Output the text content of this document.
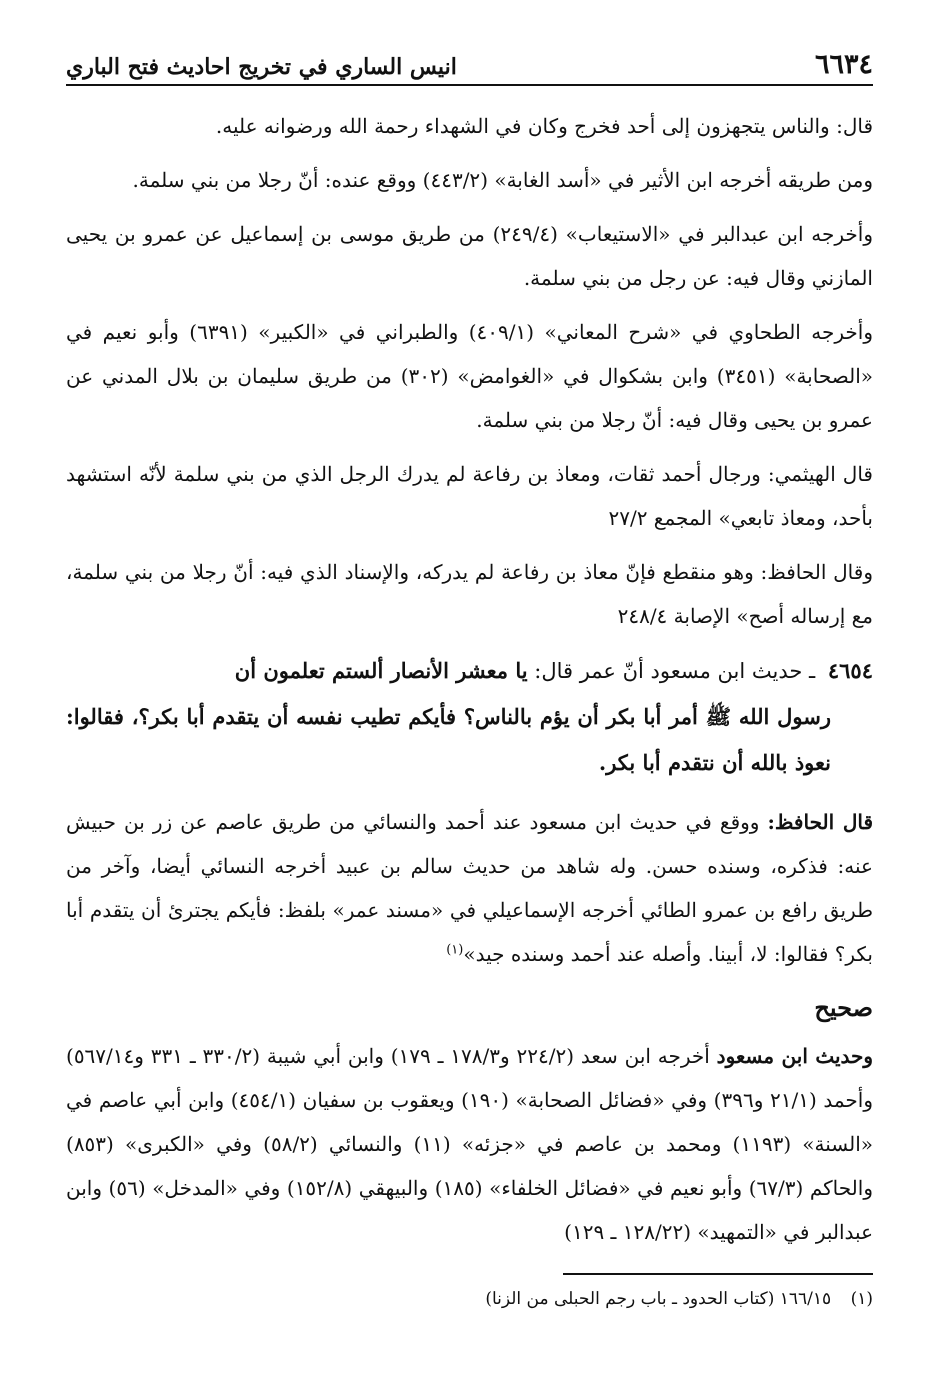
٦٦٣٤
انيس الساري في تخريج احاديث فتح الباري

قال: والناس يتجهزون إلى أحد فخرج وكان في الشهداء رحمة الله ورضوانه عليه.

ومن طريقه أخرجه ابن الأثير في «أسد الغابة» (٤٤٣/٢) ووقع عنده: أنّ رجلا من بني سلمة.

وأخرجه ابن عبدالبر في «الاستيعاب» (٢٤٩/٤) من طريق موسى بن إسماعيل عن عمرو بن يحيى المازني وقال فيه: عن رجل من بني سلمة.

وأخرجه الطحاوي في «شرح المعاني» (٤٠٩/١) والطبراني في «الكبير» (٦٣٩١) وأبو نعيم في «الصحابة» (٣٤٥١) وابن بشكوال في «الغوامض» (٣٠٢) من طريق سليمان بن بلال المدني عن عمرو بن يحيى وقال فيه: أنّ رجلا من بني سلمة.

قال الهيثمي: ورجال أحمد ثقات، ومعاذ بن رفاعة لم يدرك الرجل الذي من بني سلمة لأنّه استشهد بأحد، ومعاذ تابعي» المجمع ٢٧/٢

وقال الحافظ: وهو منقطع فإنّ معاذ بن رفاعة لم يدركه، والإسناد الذي فيه: أنّ رجلا من بني سلمة، مع إرساله أصح» الإصابة ٢٤٨/٤

٤٦٥٤ ـ حديث ابن مسعود أنّ عمر قال: يا معشر الأنصار ألستم تعلمون أن
رسول الله ﷺ أمر أبا بكر أن يؤم بالناس؟ فأيكم تطيب نفسه أن يتقدم أبا بكر؟، فقالوا: نعوذ بالله أن نتقدم أبا بكر.

قال الحافظ: ووقع في حديث ابن مسعود عند أحمد والنسائي من طريق عاصم عن زر بن حبيش عنه: فذكره، وسنده حسن. وله شاهد من حديث سالم بن عبيد أخرجه النسائي أيضا، وآخر من طريق رافع بن عمرو الطائي أخرجه الإسماعيلي في «مسند عمر» بلفظ: فأيكم يجترئ أن يتقدم أبا بكر؟ فقالوا: لا، أبينا. وأصله عند أحمد وسنده جيد»$^{(١)}$

صحيح

وحديث ابن مسعود أخرجه ابن سعد (٢٢٤/٢ و١٧٨/٣ ـ ١٧٩) وابن أبي شيبة (٣٣٠/٢ ـ ٣٣١ و٥٦٧/١٤) وأحمد (٢١/١ و٣٩٦) وفي «فضائل الصحابة» (١٩٠) ويعقوب بن سفيان (٤٥٤/١) وابن أبي عاصم في «السنة» (١١٩٣) ومحمد بن عاصم في «جزئه» (١١) والنسائي (٥٨/٢) وفي «الكبرى» (٨٥٣) والحاكم (٦٧/٣) وأبو نعيم في «فضائل الخلفاء» (١٨٥) والبيهقي (١٥٢/٨) وفي «المدخل» (٥٦) وابن عبدالبر في «التمهيد» (١٢٨/٢٢ ـ ١٢٩)

(١) ١٦٦/١٥ (كتاب الحدود ـ باب رجم الحبلى من الزنا)
